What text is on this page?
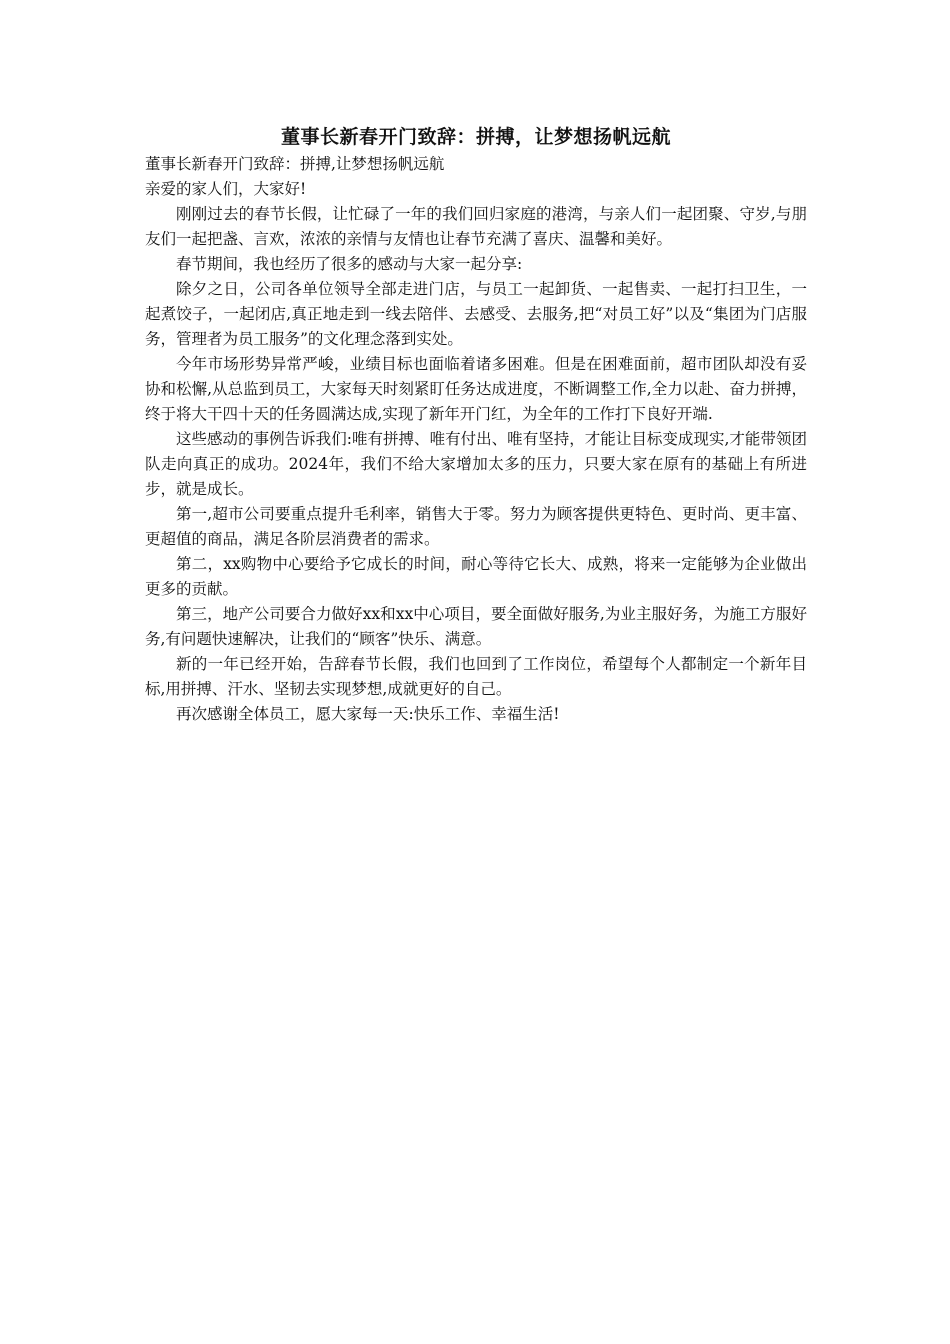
董事长新春开门致辞：拼搏，让梦想扬帆远航

董事长新春开门致辞：拼搏,让梦想扬帆远航

亲爱的家人们，大家好!

刚刚过去的春节长假，让忙碌了一年的我们回归家庭的港湾，与亲人们一起团聚、守岁,与朋友们一起把盏、言欢，浓浓的亲情与友情也让春节充满了喜庆、温馨和美好。

春节期间，我也经历了很多的感动与大家一起分享:

除夕之日，公司各单位领导全部走进门店，与员工一起卸货、一起售卖、一起打扫卫生，一起煮饺子，一起闭店,真正地走到一线去陪伴、去感受、去服务,把“对员工好”以及“集团为门店服务，管理者为员工服务”的文化理念落到实处。

今年市场形势异常严峻，业绩目标也面临着诸多困难。但是在困难面前，超市团队却没有妥协和松懈,从总监到员工，大家每天时刻紧盯任务达成进度，不断调整工作,全力以赴、奋力拼搏，终于将大干四十天的任务圆满达成,实现了新年开门红，为全年的工作打下良好开端.

这些感动的事例告诉我们:唯有拼搏、唯有付出、唯有坚持，才能让目标变成现实,才能带领团队走向真正的成功。2024年，我们不给大家增加太多的压力，只要大家在原有的基础上有所进步，就是成长。

第一,超市公司要重点提升毛利率，销售大于零。努力为顾客提供更特色、更时尚、更丰富、更超值的商品，满足各阶层消费者的需求。

第二，xx购物中心要给予它成长的时间，耐心等待它长大、成熟，将来一定能够为企业做出更多的贡献。

第三，地产公司要合力做好xx和xx中心项目，要全面做好服务,为业主服好务，为施工方服好务,有问题快速解决，让我们的“顾客”快乐、满意。

新的一年已经开始，告辞春节长假，我们也回到了工作岗位，希望每个人都制定一个新年目标,用拼搏、汗水、坚韧去实现梦想,成就更好的自己。

再次感谢全体员工，愿大家每一天:快乐工作、幸福生活!
